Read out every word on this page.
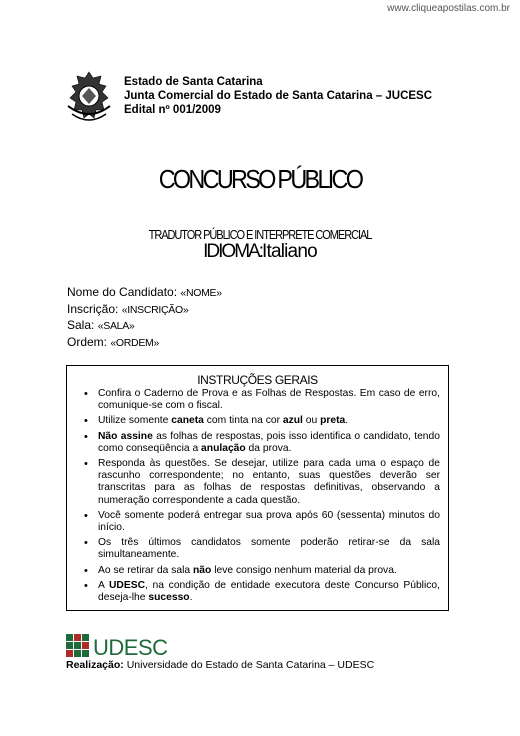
www.cliqueapostilas.com.br
Estado de Santa Catarina
Junta Comercial do Estado de Santa Catarina – JUCESC
Edital nº 001/2009
CONCURSO PÚBLICO
TRADUTOR PÚBLICO E INTERPRETE COMERCIAL
IDIOMA:Italiano
Nome do Candidato: «NOME»
Inscrição: «INSCRIÇÃO»
Sala: «SALA»
Ordem: «ORDEM»
INSTRUÇÕES GERAIS
• Confira o Caderno de Prova e as Folhas de Respostas. Em caso de erro, comunique-se com o fiscal.
• Utilize somente caneta com tinta na cor azul ou preta.
• Não assine as folhas de respostas, pois isso identifica o candidato, tendo como conseqüência a anulação da prova.
• Responda às questões. Se desejar, utilize para cada uma o espaço de rascunho correspondente; no entanto, suas questões deverão ser transcritas para as folhas de respostas definitivas, observando a numeração correspondente a cada questão.
• Você somente poderá entregar sua prova após 60 (sessenta) minutos do início.
• Os três últimos candidatos somente poderão retirar-se da sala simultaneamente.
• Ao se retirar da sala não leve consigo nenhum material da prova.
• A UDESC, na condição de entidade executora deste Concurso Público, deseja-lhe sucesso.
UDESC
Realização: Universidade do Estado de Santa Catarina – UDESC
